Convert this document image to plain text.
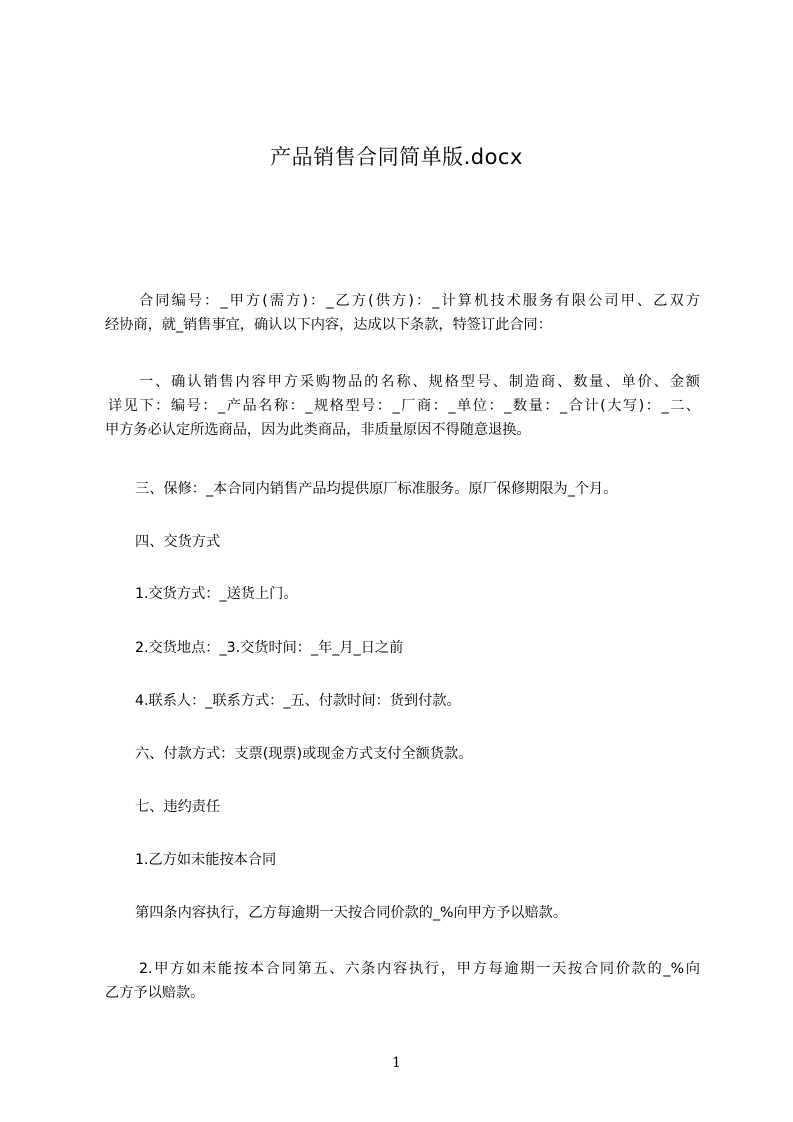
产品销售合同简单版.docx
合同编号：_甲方(需方)：_乙方(供方)：_计算机技术服务有限公司甲、乙双方
经协商，就_销售事宜，确认以下内容，达成以下条款，特签订此合同：
一、确认销售内容甲方采购物品的名称、规格型号、制造商、数量、单价、金额
详见下：编号：_产品名称：_规格型号：_厂商：_单位：_数量：_合计(大写)：_二、
甲方务必认定所选商品，因为此类商品，非质量原因不得随意退换。
三、保修：_本合同内销售产品均提供原厂标准服务。原厂保修期限为_个月。
四、交货方式
1.交货方式：_送货上门。
2.交货地点：_3.交货时间：_年_月_日之前
4.联系人：_联系方式：_五、付款时间：货到付款。
六、付款方式：支票(现票)或现金方式支付全额货款。
七、违约责任
1.乙方如未能按本合同
第四条内容执行，乙方每逾期一天按合同价款的_%向甲方予以赔款。
2.甲方如未能按本合同第五、六条内容执行，甲方每逾期一天按合同价款的_%向
乙方予以赔款。
1
